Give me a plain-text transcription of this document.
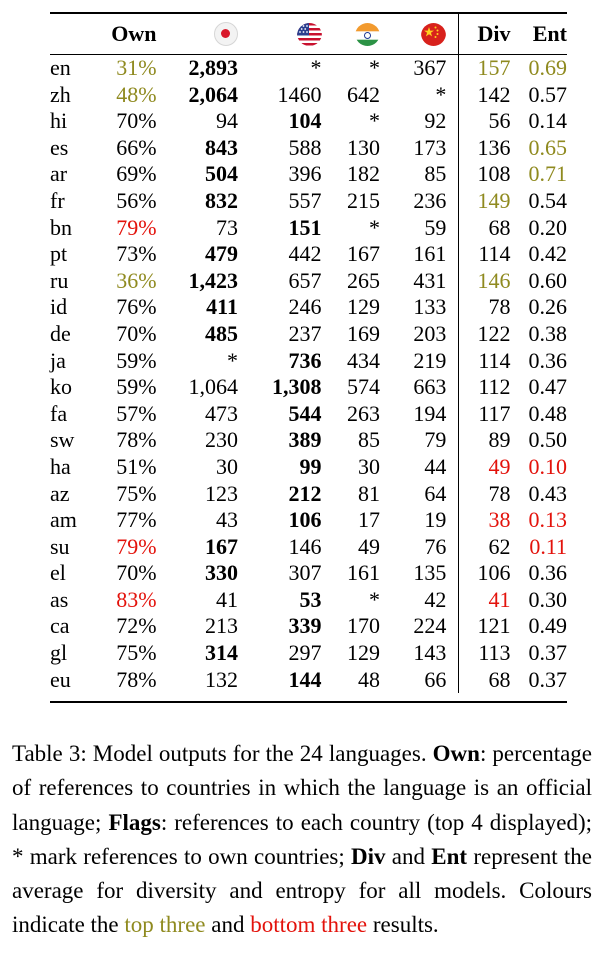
	Own					Div	Ent

en	31%	2,893	*	*	367	157	0.69
zh	48%	2,064	1460	642	*	142	0.57
hi	70%	94	104	*	92	56	0.14
es	66%	843	588	130	173	136	0.65
ar	69%	504	396	182	85	108	0.71
fr	56%	832	557	215	236	149	0.54
bn	79%	73	151	*	59	68	0.20
pt	73%	479	442	167	161	114	0.42
ru	36%	1,423	657	265	431	146	0.60
id	76%	411	246	129	133	78	0.26
de	70%	485	237	169	203	122	0.38
ja	59%	*	736	434	219	114	0.36
ko	59%	1,064	1,308	574	663	112	0.47
fa	57%	473	544	263	194	117	0.48
sw	78%	230	389	85	79	89	0.50
ha	51%	30	99	30	44	49	0.10
az	75%	123	212	81	64	78	0.43
am	77%	43	106	17	19	38	0.13
su	79%	167	146	49	76	62	0.11
el	70%	330	307	161	135	106	0.36
as	83%	41	53	*	42	41	0.30
ca	72%	213	339	170	224	121	0.49
gl	75%	314	297	129	143	113	0.37
eu	78%	132	144	48	66	68	0.37
Table 3: Model outputs for the 24 languages. Own: percentage of references to countries in which the language is an official language; Flags: references to each country (top 4 displayed); * mark references to own countries; Div and Ent represent the average for diversity and entropy for all models. Colours indicate the top three and bottom three results.
